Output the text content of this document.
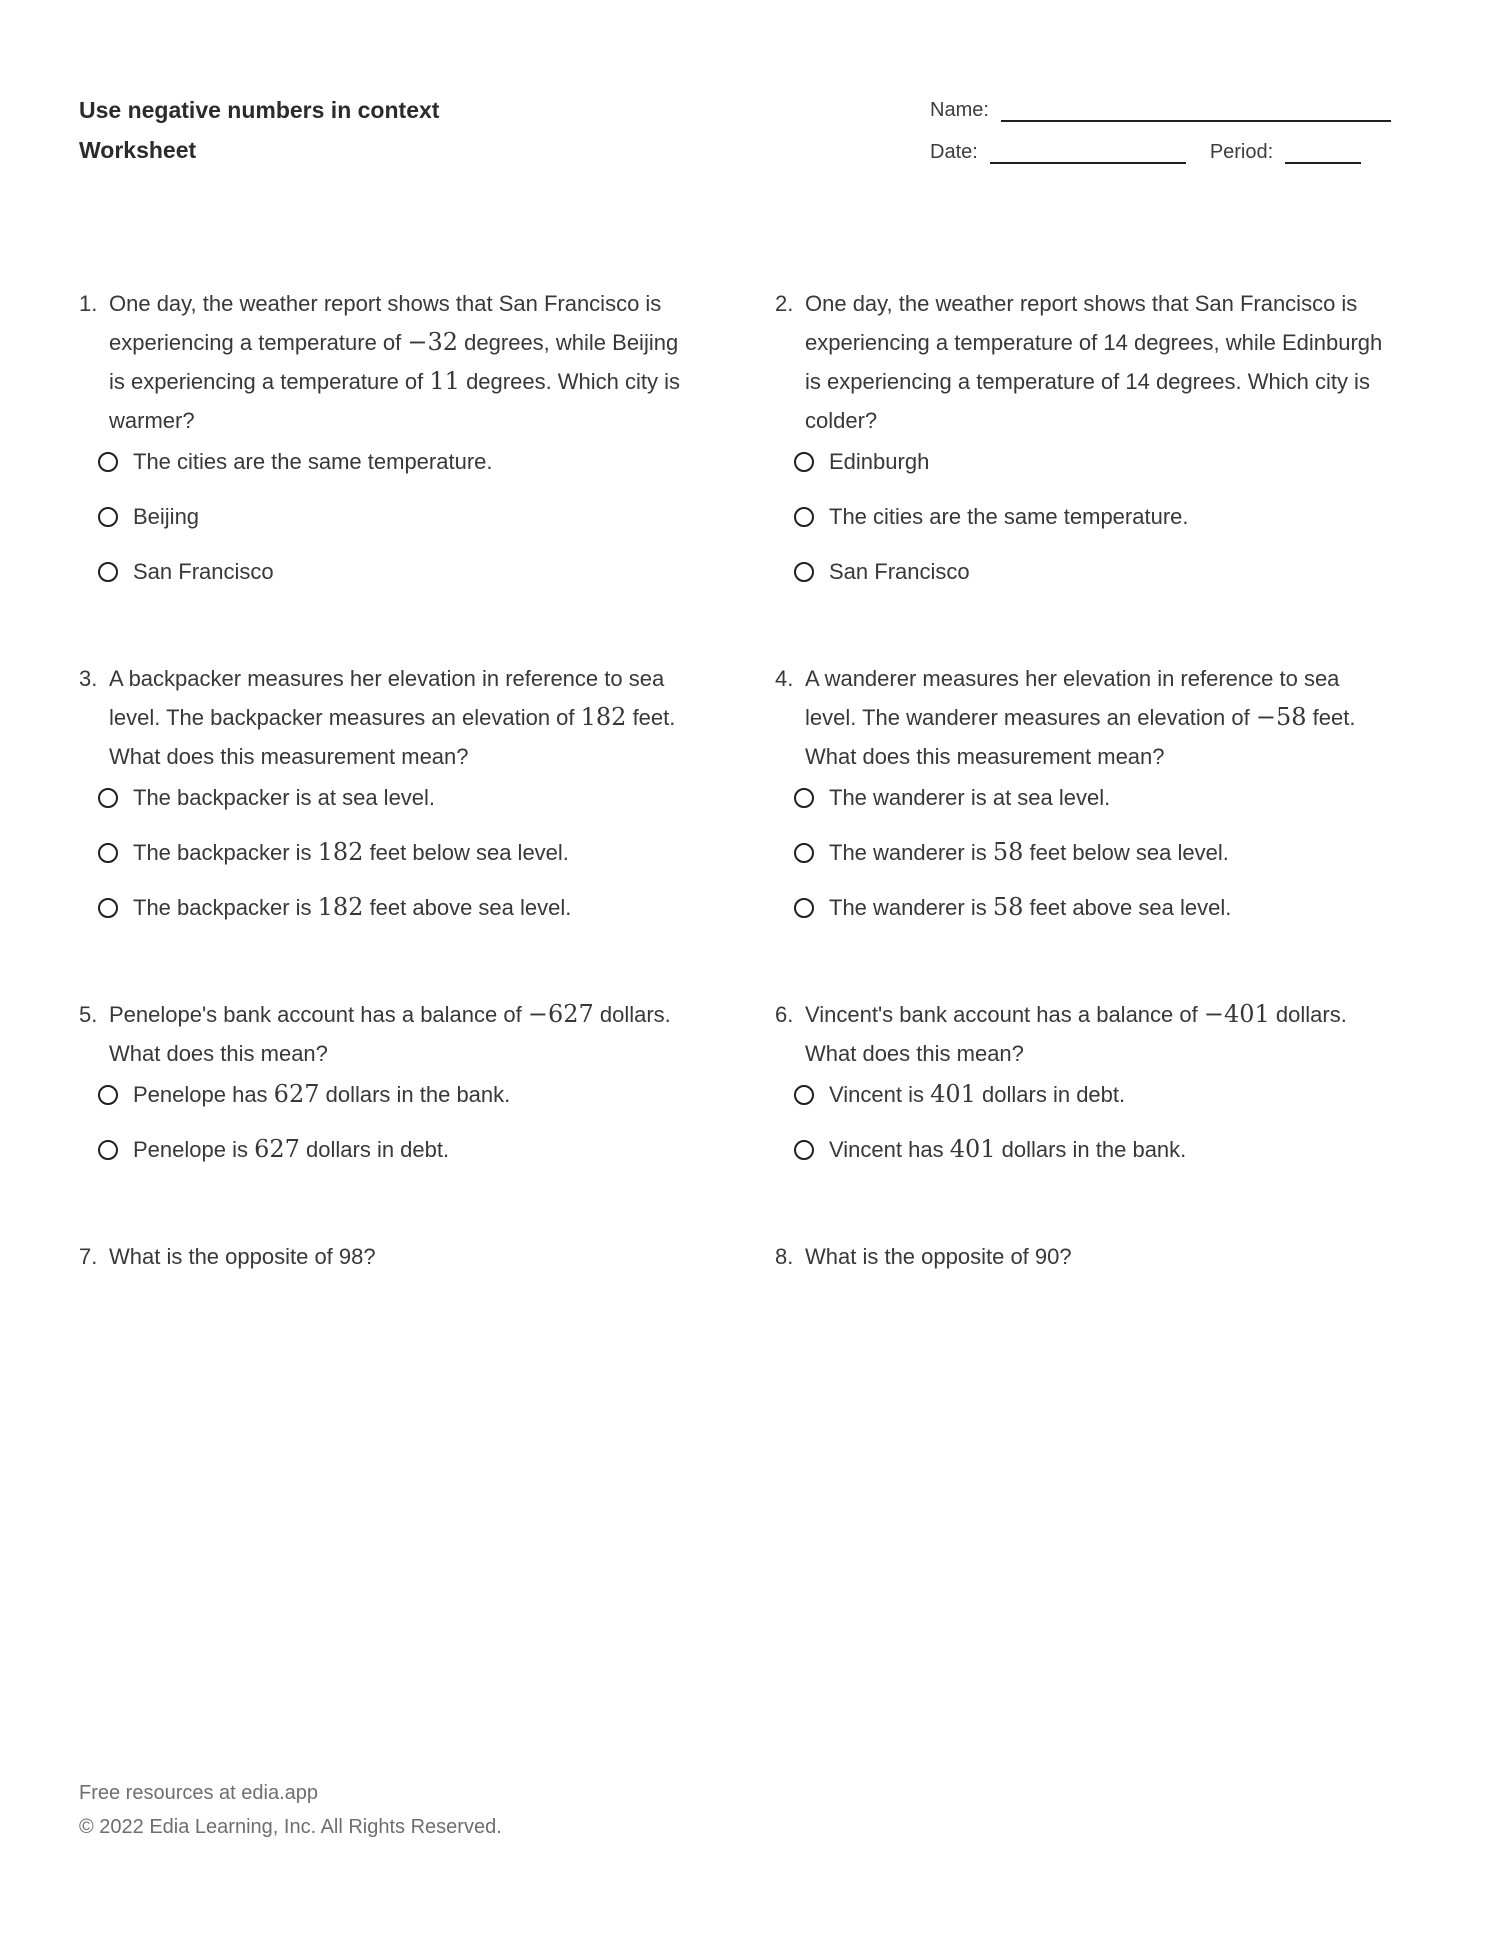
Use negative numbers in context
Worksheet
Name:
Date:	Period:
1. One day, the weather report shows that San Francisco is experiencing a temperature of −32 degrees, while Beijing is experiencing a temperature of 11 degrees. Which city is warmer?
The cities are the same temperature.
Beijing
San Francisco
2. One day, the weather report shows that San Francisco is experiencing a temperature of 14 degrees, while Edinburgh is experiencing a temperature of 14 degrees. Which city is colder?
Edinburgh
The cities are the same temperature.
San Francisco
3. A backpacker measures her elevation in reference to sea level. The backpacker measures an elevation of 182 feet. What does this measurement mean?
The backpacker is at sea level.
The backpacker is 182 feet below sea level.
The backpacker is 182 feet above sea level.
4. A wanderer measures her elevation in reference to sea level. The wanderer measures an elevation of −58 feet. What does this measurement mean?
The wanderer is at sea level.
The wanderer is 58 feet below sea level.
The wanderer is 58 feet above sea level.
5. Penelope's bank account has a balance of −627 dollars. What does this mean?
Penelope has 627 dollars in the bank.
Penelope is 627 dollars in debt.
6. Vincent's bank account has a balance of −401 dollars. What does this mean?
Vincent is 401 dollars in debt.
Vincent has 401 dollars in the bank.
7. What is the opposite of 98?	8. What is the opposite of 90?
Free resources at edia.app
© 2022 Edia Learning, Inc. All Rights Reserved.
